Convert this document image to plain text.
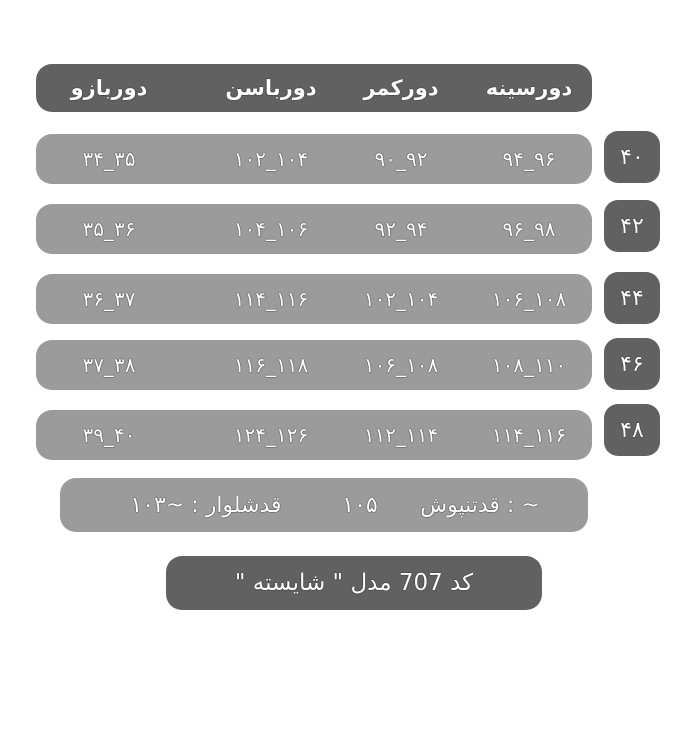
دوربازو	دورباسن	دورکمر	دورسینه
۳۴_۳۵	۱۰۲_۱۰۴	۹۰_۹۲	۹۴_۹۶	۴۰
۳۵_۳۶	۱۰۴_۱۰۶	۹۲_۹۴	۹۶_۹۸	۴۲
۳۶_۳۷	۱۱۴_۱۱۶	۱۰۲_۱۰۴	۱۰۶_۱۰۸	۴۴
۳۷_۳۸	۱۱۶_۱۱۸	۱۰۶_۱۰۸	۱۰۸_۱۱۰	۴۶
۳۹_۴۰	۱۲۴_۱۲۶	۱۱۲_۱۱۴	۱۱۴_۱۱۶	۴۸
قدشلوار : ~۱۰۳	۱۰۵	قدتنپوش : ~
کد 707 مدل " شایسته "
